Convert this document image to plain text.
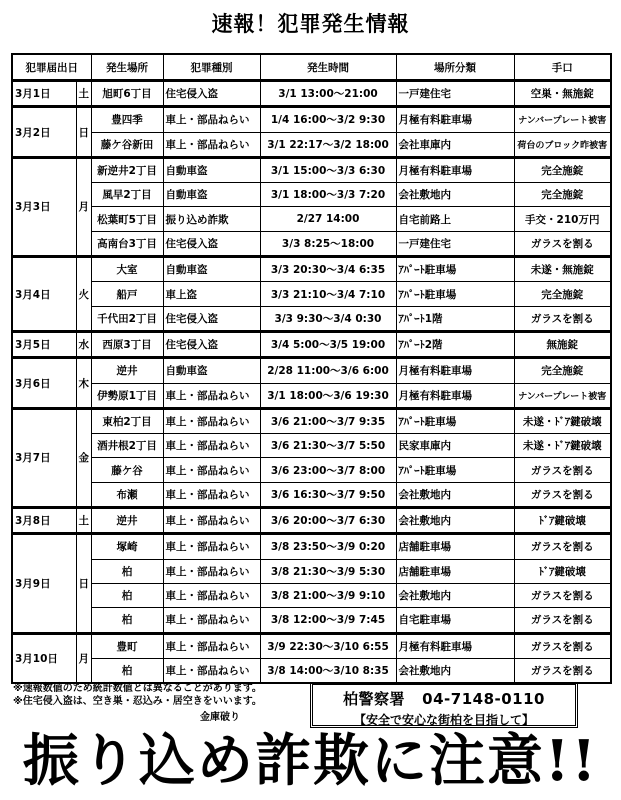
速報！犯罪発生情報
犯罪届出日		発生場所	犯罪種別	発生時間	場所分類	手口
3月1日	土	旭町6丁目	住宅侵入盗	3/1 13:00～21:00	一戸建住宅	空巣・無施錠
3月2日	日	豊四季	車上・部品ねらい	1/4 16:00～3/2 9:30	月極有料駐車場	ナンバープレート被害
		藤ケ谷新田	車上・部品ねらい	3/1 22:17～3/2 18:00	会社車庫内	荷台のブロック昨被害
3月3日	月	新逆井2丁目	自動車盗	3/1 15:00～3/3 6:30	月極有料駐車場	完全施錠
		風早2丁目	自動車盗	3/1 18:00～3/3 7:20	会社敷地内	完全施錠
		松葉町5丁目	振り込め詐欺	2/27 14:00	自宅前路上	手交・210万円
		高南台3丁目	住宅侵入盗	3/3 8:25～18:00	一戸建住宅	ガラスを割る
3月4日	火	大室	自動車盗	3/3 20:30～3/4 6:35	ｱﾊﾟｰﾄ駐車場	未遂・無施錠
		船戸	車上盗	3/3 21:10～3/4 7:10	ｱﾊﾟｰﾄ駐車場	完全施錠
		千代田2丁目	住宅侵入盗	3/3 9:30～3/4 0:30	ｱﾊﾟｰﾄ1階	ガラスを割る
3月5日	水	西原3丁目	住宅侵入盗	3/4 5:00～3/5 19:00	ｱﾊﾟｰﾄ2階	無施錠
3月6日	木	逆井	自動車盗	2/28 11:00～3/6 6:00	月極有料駐車場	完全施錠
		伊勢原1丁目	車上・部品ねらい	3/1 18:00～3/6 19:30	月極有料駐車場	ナンバープレート被害
3月7日	金	東柏2丁目	車上・部品ねらい	3/6 21:00～3/7 9:35	ｱﾊﾟｰﾄ駐車場	未遂・ﾄﾞｱ鍵破壊
		酒井根2丁目	車上・部品ねらい	3/6 21:30～3/7 5:50	民家車庫内	未遂・ﾄﾞｱ鍵破壊
		藤ケ谷	車上・部品ねらい	3/6 23:00～3/7 8:00	ｱﾊﾟｰﾄ駐車場	ガラスを割る
		布瀬	車上・部品ねらい	3/6 16:30～3/7 9:50	会社敷地内	ガラスを割る
3月8日	土	逆井	車上・部品ねらい	3/6 20:00～3/7 6:30	会社敷地内	ﾄﾞｱ鍵破壊
3月9日	日	塚崎	車上・部品ねらい	3/8 23:50～3/9 0:20	店舗駐車場	ガラスを割る
		柏	車上・部品ねらい	3/8 21:30～3/9 5:30	店舗駐車場	ﾄﾞｱ鍵破壊
		柏	車上・部品ねらい	3/8 21:00～3/9 9:10	会社敷地内	ガラスを割る
		柏	車上・部品ねらい	3/8 12:00～3/9 7:45	自宅駐車場	ガラスを割る
3月10日	月	豊町	車上・部品ねらい	3/9 22:30～3/10 6:55	月極有料駐車場	ガラスを割る
		柏	車上・部品ねらい	3/8 14:00～3/10 8:35	会社敷地内	ガラスを割る
※速報数値のため統計数値とは異なることがあります。
※住宅侵入盗は、空き巣・忍込み・居空きをいいます。
金庫破り
柏警察署 04-7148-0110
【安全で安心な街柏を目指して】
振り込め詐欺に注意!!
